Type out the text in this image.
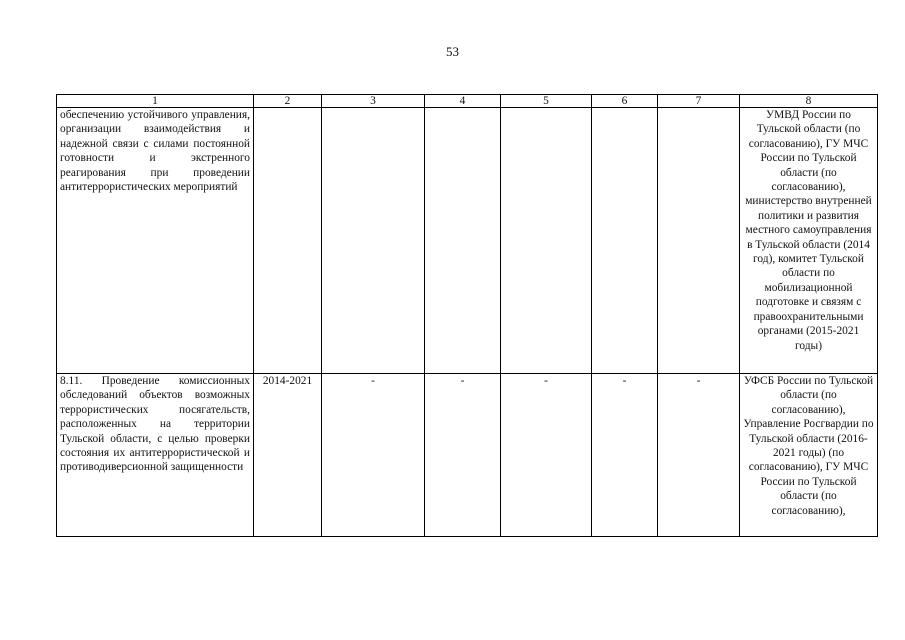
53
1	2	3	4	5	6	7	8
обеспечению устойчивого управления, организации взаимодействия и надежной связи с силами постоянной готовности и экстренного реагирования при проведении антитеррористических мероприятий							УМВД России по Тульской области (по согласованию), ГУ МЧС России по Тульской области (по согласованию), министерство внутренней политики и развития местного самоуправления в Тульской области (2014 год), комитет Тульской области по мобилизационной подготовке и связям с правоохранительными органами (2015-2021 годы)
8.11. Проведение комиссионных обследований объектов возможных террористических посягательств, расположенных на территории Тульской области, с целью проверки состояния их антитеррористической и противодиверсионной защищенности	2014-2021	-	-	-	-	-	УФСБ России по Тульской области (по согласованию), Управление Росгвардии по Тульской области (2016-2021 годы) (по согласованию), ГУ МЧС России по Тульской области (по согласованию),
